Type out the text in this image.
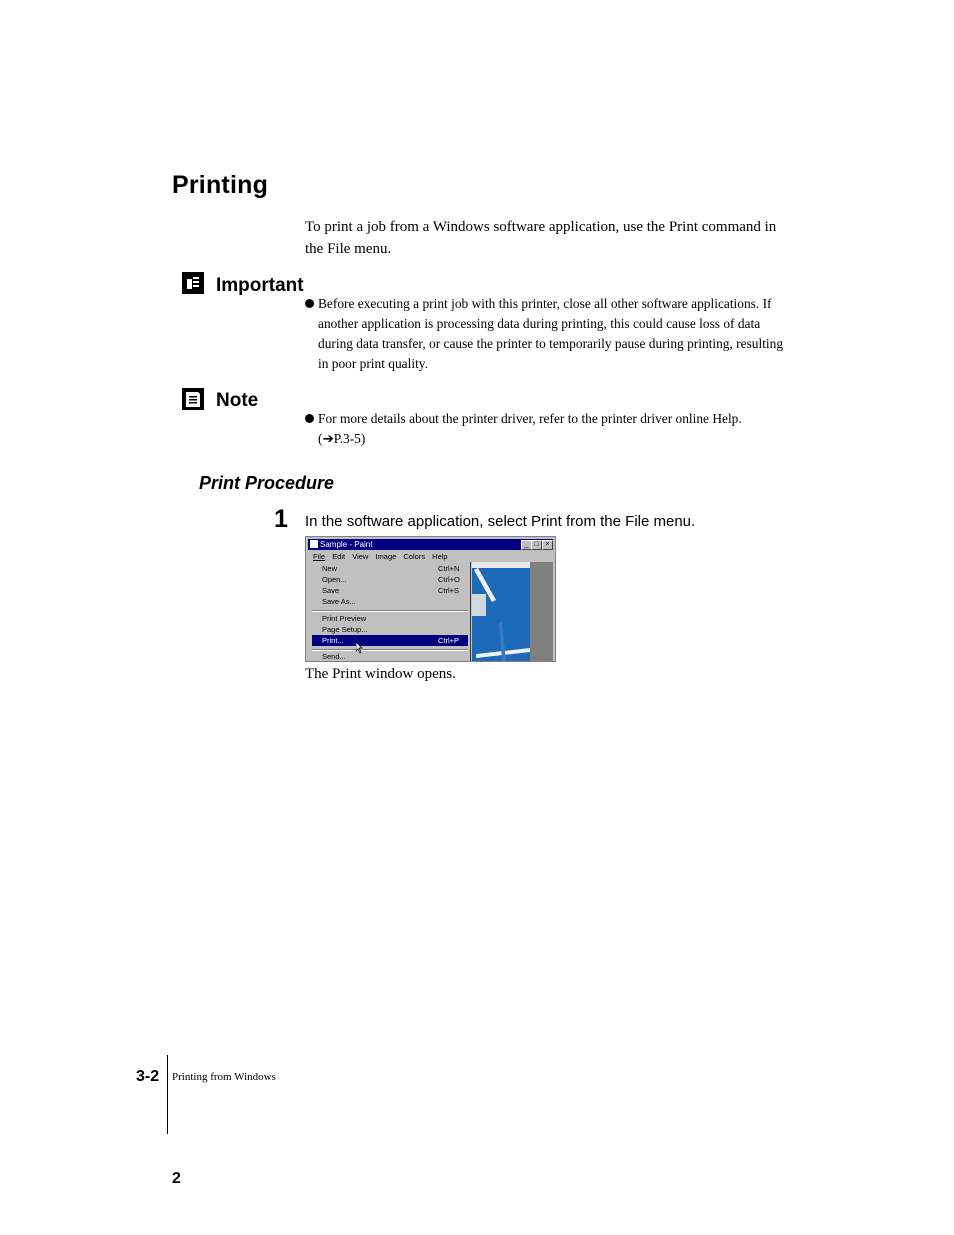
Printing
To print a job from a Windows software application, use the Print command in the File menu.
Important
Before executing a print job with this printer, close all other software applications. If another application is processing data during printing, this could cause loss of data during data transfer, or cause the printer to temporarily pause during printing, resulting in poor print quality.
Note
For more details about the printer driver, refer to the printer driver online Help.
(➔P.3-5)
Print Procedure
1 In the software application, select Print from the File menu.
Sample - Paint	_ □ ×
File Edit View Image Colors Help
New	Ctrl+N
Open...	Ctrl+O
Save	Ctrl+S
Save As...
Print Preview
Page Setup...
Print...	Ctrl+P
Send...
The Print window opens.
3-2 Printing from Windows
2
